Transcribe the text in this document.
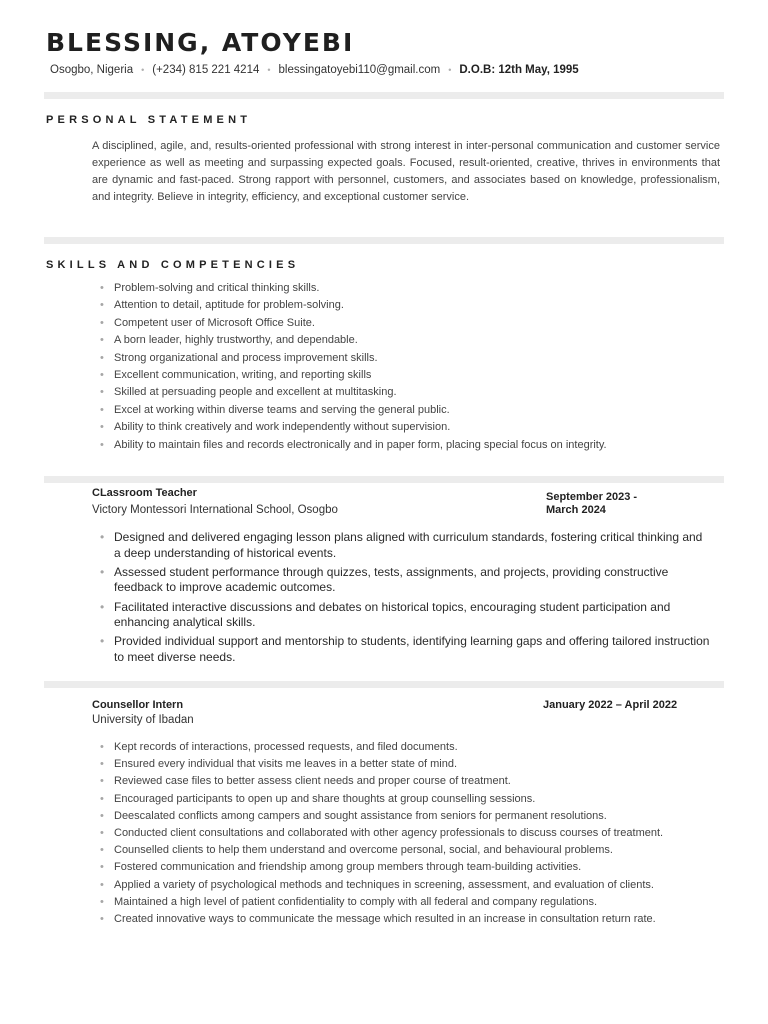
BLESSING, ATOYEBI
Osogbo, Nigeria • (+234) 815 221 4214 • blessingatoyebi110@gmail.com • D.O.B: 12th May, 1995
PERSONAL STATEMENT

A disciplined, agile, and, results-oriented professional with strong interest in inter-personal communication and customer service experience as well as meeting and surpassing expected goals. Focused, result-oriented, creative, thrives in environments that are dynamic and fast-paced. Strong rapport with personnel, customers, and associates based on knowledge, professionalism, and integrity. Believe in integrity, efficiency, and exceptional customer service.

SKILLS AND COMPETENCIES
• Problem-solving and critical thinking skills.
• Attention to detail, aptitude for problem-solving.
• Competent user of Microsoft Office Suite.
• A born leader, highly trustworthy, and dependable.
• Strong organizational and process improvement skills.
• Excellent communication, writing, and reporting skills
• Skilled at persuading people and excellent at multitasking.
• Excel at working within diverse teams and serving the general public.
• Ability to think creatively and work independently without supervision.
• Ability to maintain files and records electronically and in paper form, placing special focus on integrity.

CLassroom Teacher

Victory Montessori International School, Osogbo

September 2023 -
March 2024

• Designed and delivered engaging lesson plans aligned with curriculum standards, fostering critical thinking and a deep understanding of historical events.
• Assessed student performance through quizzes, tests, assignments, and projects, providing constructive feedback to improve academic outcomes.
• Facilitated interactive discussions and debates on historical topics, encouraging student participation and enhancing analytical skills.
• Provided individual support and mentorship to students, identifying learning gaps and offering tailored instruction to meet diverse needs.

Counsellor Intern

University of Ibadan

January 2022 – April 2022

• Kept records of interactions, processed requests, and filed documents.
• Ensured every individual that visits me leaves in a better state of mind.
• Reviewed case files to better assess client needs and proper course of treatment.
• Encouraged participants to open up and share thoughts at group counselling sessions.
• Deescalated conflicts among campers and sought assistance from seniors for permanent resolutions.
• Conducted client consultations and collaborated with other agency professionals to discuss courses of treatment.
• Counselled clients to help them understand and overcome personal, social, and behavioural problems.
• Fostered communication and friendship among group members through team-building activities.
• Applied a variety of psychological methods and techniques in screening, assessment, and evaluation of clients.
• Maintained a high level of patient confidentiality to comply with all federal and company regulations.
• Created innovative ways to communicate the message which resulted in an increase in consultation return rate.
